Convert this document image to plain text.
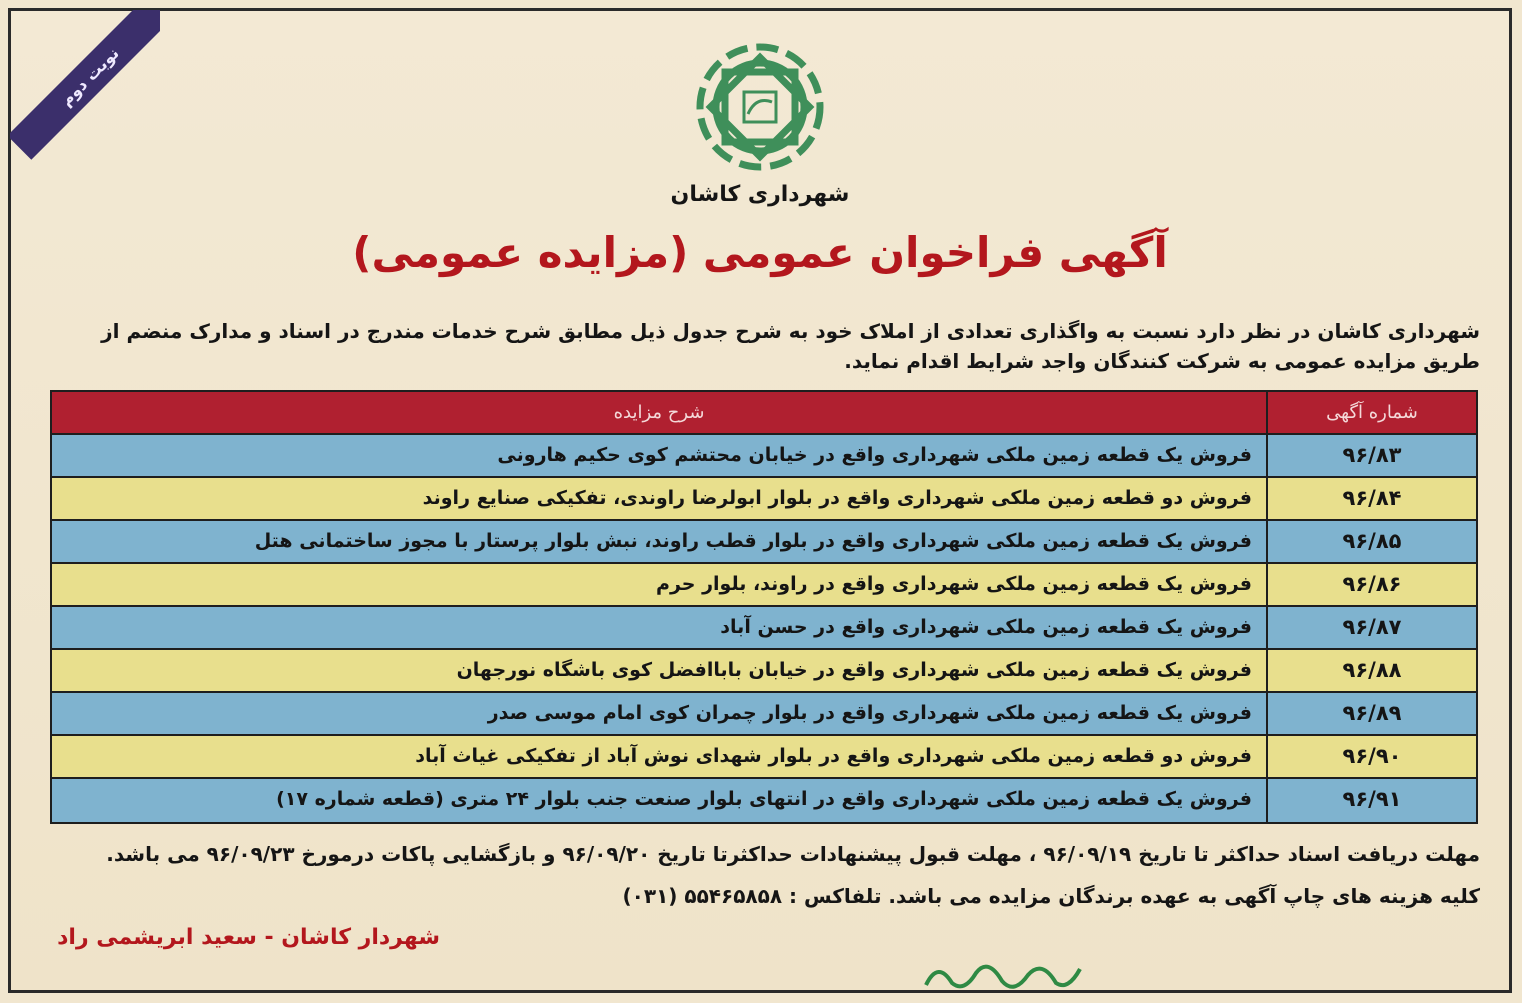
نوبت دوم
شهرداری کاشان
آگهی فراخوان عمومی (مزایده عمومی)
شهرداری کاشان در نظر دارد نسبت به واگذاری تعدادی از املاک خود به شرح جدول ذیل مطابق شرح خدمات مندرج در اسناد و مدارک منضم از طریق مزایده عمومی به شرکت کنندگان واجد شرایط اقدام نماید.
شماره آگهی
شرح مزایده
۹۶/۸۳
فروش یک قطعه زمین ملکی شهرداری واقع در خیابان محتشم کوی حکیم هارونی
۹۶/۸۴
فروش دو قطعه زمین ملکی شهرداری واقع در بلوار ابولرضا راوندی، تفکیکی صنایع راوند
۹۶/۸۵
فروش یک قطعه زمین ملکی شهرداری واقع در بلوار قطب راوند، نبش بلوار پرستار با مجوز ساختمانی هتل
۹۶/۸۶
فروش یک قطعه زمین ملکی شهرداری واقع در راوند، بلوار حرم
۹۶/۸۷
فروش یک قطعه زمین ملکی شهرداری واقع در حسن آباد
۹۶/۸۸
فروش یک قطعه زمین ملکی شهرداری واقع در خیابان باباافضل کوی باشگاه نورجهان
۹۶/۸۹
فروش یک قطعه زمین ملکی شهرداری واقع در بلوار چمران کوی امام موسی صدر
۹۶/۹۰
فروش دو قطعه زمین ملکی شهرداری واقع در بلوار شهدای نوش آباد از تفکیکی غیاث آباد
۹۶/۹۱
فروش یک قطعه زمین ملکی شهرداری واقع در انتهای بلوار صنعت جنب بلوار ۲۴ متری (قطعه شماره ۱۷)
مهلت دریافت اسناد حداکثر تا تاریخ ۹۶/۰۹/۱۹ ، مهلت قبول پیشنهادات حداکثرتا تاریخ ۹۶/۰۹/۲۰ و بازگشایی پاکات درمورخ ۹۶/۰۹/۲۳ می باشد.
کلیه هزینه های چاپ آگهی به عهده برندگان مزایده می باشد. تلفاکس : ۵۵۴۶۵۸۵۸ (۰۳۱)
شهردار کاشان - سعید ابریشمی راد
